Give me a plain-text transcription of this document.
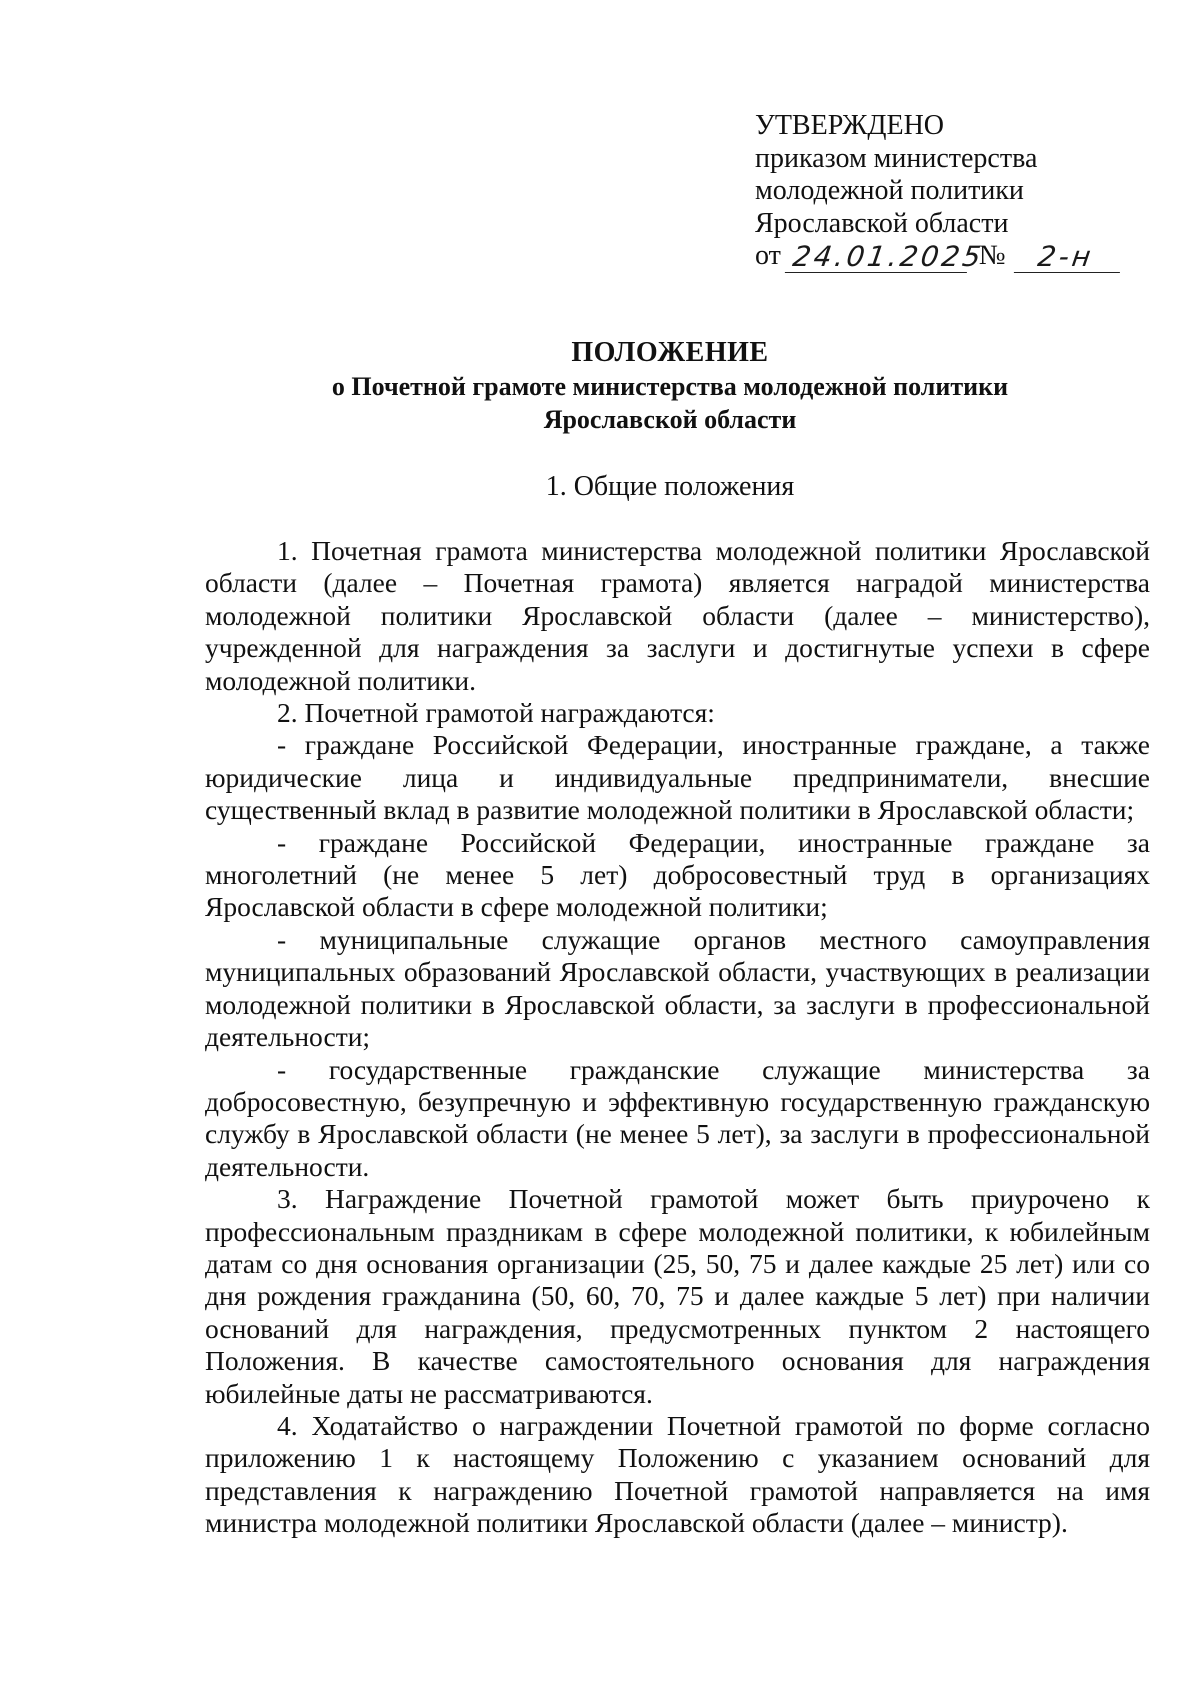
УТВЕРЖДЕНО
приказом министерства
молодежной политики
Ярославской области
от 24.01.2025
№	2-н
ПОЛОЖЕНИЕ
о Почетной грамоте министерства молодежной политики
Ярославской области
1. Общие положения

1. Почетная грамота министерства молодежной политики Ярославской области (далее – Почетная грамота) является наградой министерства молодежной политики Ярославской области (далее – министерство), учрежденной для награждения за заслуги и достигнутые успехи в сфере молодежной политики.

2. Почетной грамотой награждаются:

- граждане Российской Федерации, иностранные граждане, а также юридические лица и индивидуальные предприниматели, внесшие существенный вклад в развитие молодежной политики в Ярославской области;

- граждане Российской Федерации, иностранные граждане за многолетний (не менее 5 лет) добросовестный труд в организациях Ярославской области в сфере молодежной политики;

- муниципальные служащие органов местного самоуправления муниципальных образований Ярославской области, участвующих в реализации молодежной политики в Ярославской области, за заслуги в профессиональной деятельности;

- государственные гражданские служащие министерства за добросовестную, безупречную и эффективную государственную гражданскую службу в Ярославской области (не менее 5 лет), за заслуги в профессиональной деятельности.

3. Награждение Почетной грамотой может быть приурочено к профессиональным праздникам в сфере молодежной политики, к юбилейным датам со дня основания организации (25, 50, 75 и далее каждые 25 лет) или со дня рождения гражданина (50, 60, 70, 75 и далее каждые 5 лет) при наличии оснований для награждения, предусмотренных пунктом 2 настоящего Положения. В качестве самостоятельного основания для награждения юбилейные даты не рассматриваются.

4. Ходатайство о награждении Почетной грамотой по форме согласно приложению 1 к настоящему Положению с указанием оснований для представления к награждению Почетной грамотой направляется на имя министра молодежной политики Ярославской области (далее – министр).
